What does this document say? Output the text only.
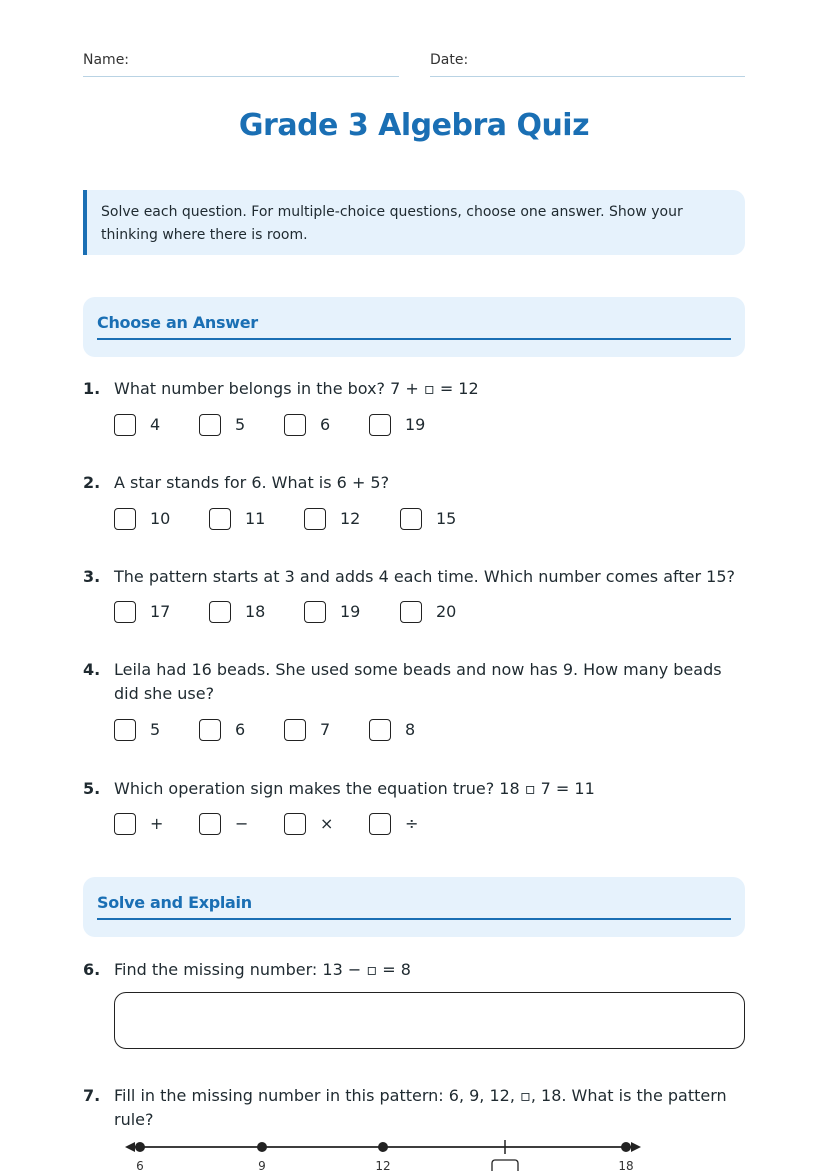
Name:	Date:
Grade 3 Algebra Quiz
Solve each question. For multiple-choice questions, choose one answer. Show your thinking where there is room.
Choose an Answer
1. What number belongs in the box? 7 + ▫ = 12
4	5	6	19
2. A star stands for 6. What is 6 + 5?
10	11	12	15
3. The pattern starts at 3 and adds 4 each time. Which number comes after 15?
17	18	19	20
4. Leila had 16 beads. She used some beads and now has 9. How many beads did she use?
5	6	7	8
5. Which operation sign makes the equation true? 18 ▫ 7 = 11
+	−	×	÷
Solve and Explain
6. Find the missing number: 13 − ▫ = 8
7. Fill in the missing number in this pattern: 6, 9, 12, ▫, 18. What is the pattern rule?
6	9	12	18
